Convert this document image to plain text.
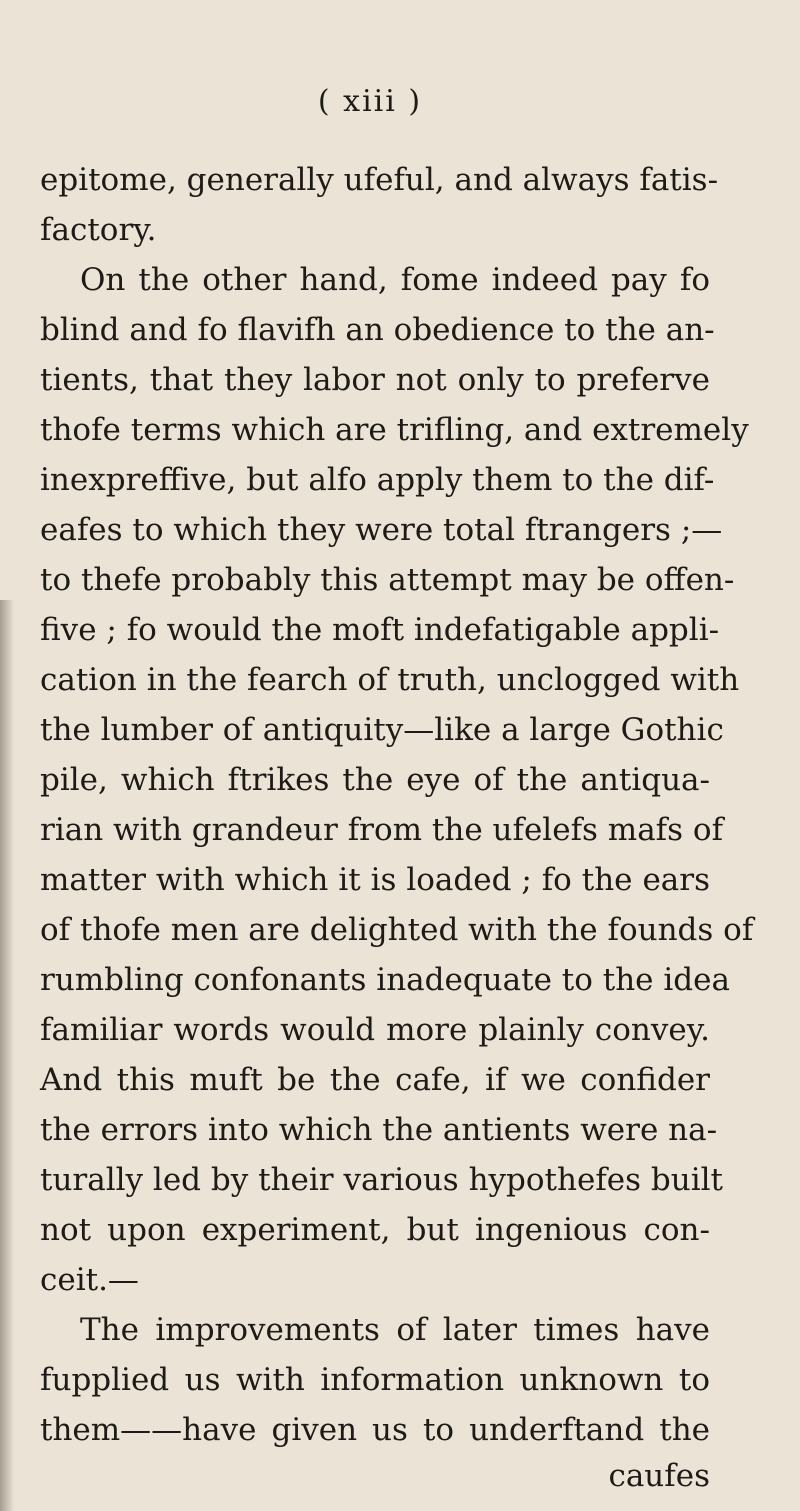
( xiii )
epitome, generally ufeful, and always fatis-
factory.
On the other hand, fome indeed pay fo
blind and fo flavifh an obedience to the an-
tients, that they labor not only to preferve
thofe terms which are trifling, and extremely
inexpreffive, but alfo apply them to the dif-
eafes to which they were total ftrangers ;—
to thefe probably this attempt may be offen-
five ; fo would the moft indefatigable appli-
cation in the fearch of truth, unclogged with
the lumber of antiquity—like a large Gothic
pile, which ftrikes the eye of the antiqua-
rian with grandeur from the ufelefs mafs of
matter with which it is loaded ; fo the ears
of thofe men are delighted with the founds of
rumbling confonants inadequate to the idea
familiar words would more plainly convey.
And this muft be the cafe, if we confider
the errors into which the antients were na-
turally led by their various hypothefes built
not upon experiment, but ingenious con-
ceit.—
The improvements of later times have
fupplied us with information unknown to
them——have given us to underftand the
caufes
